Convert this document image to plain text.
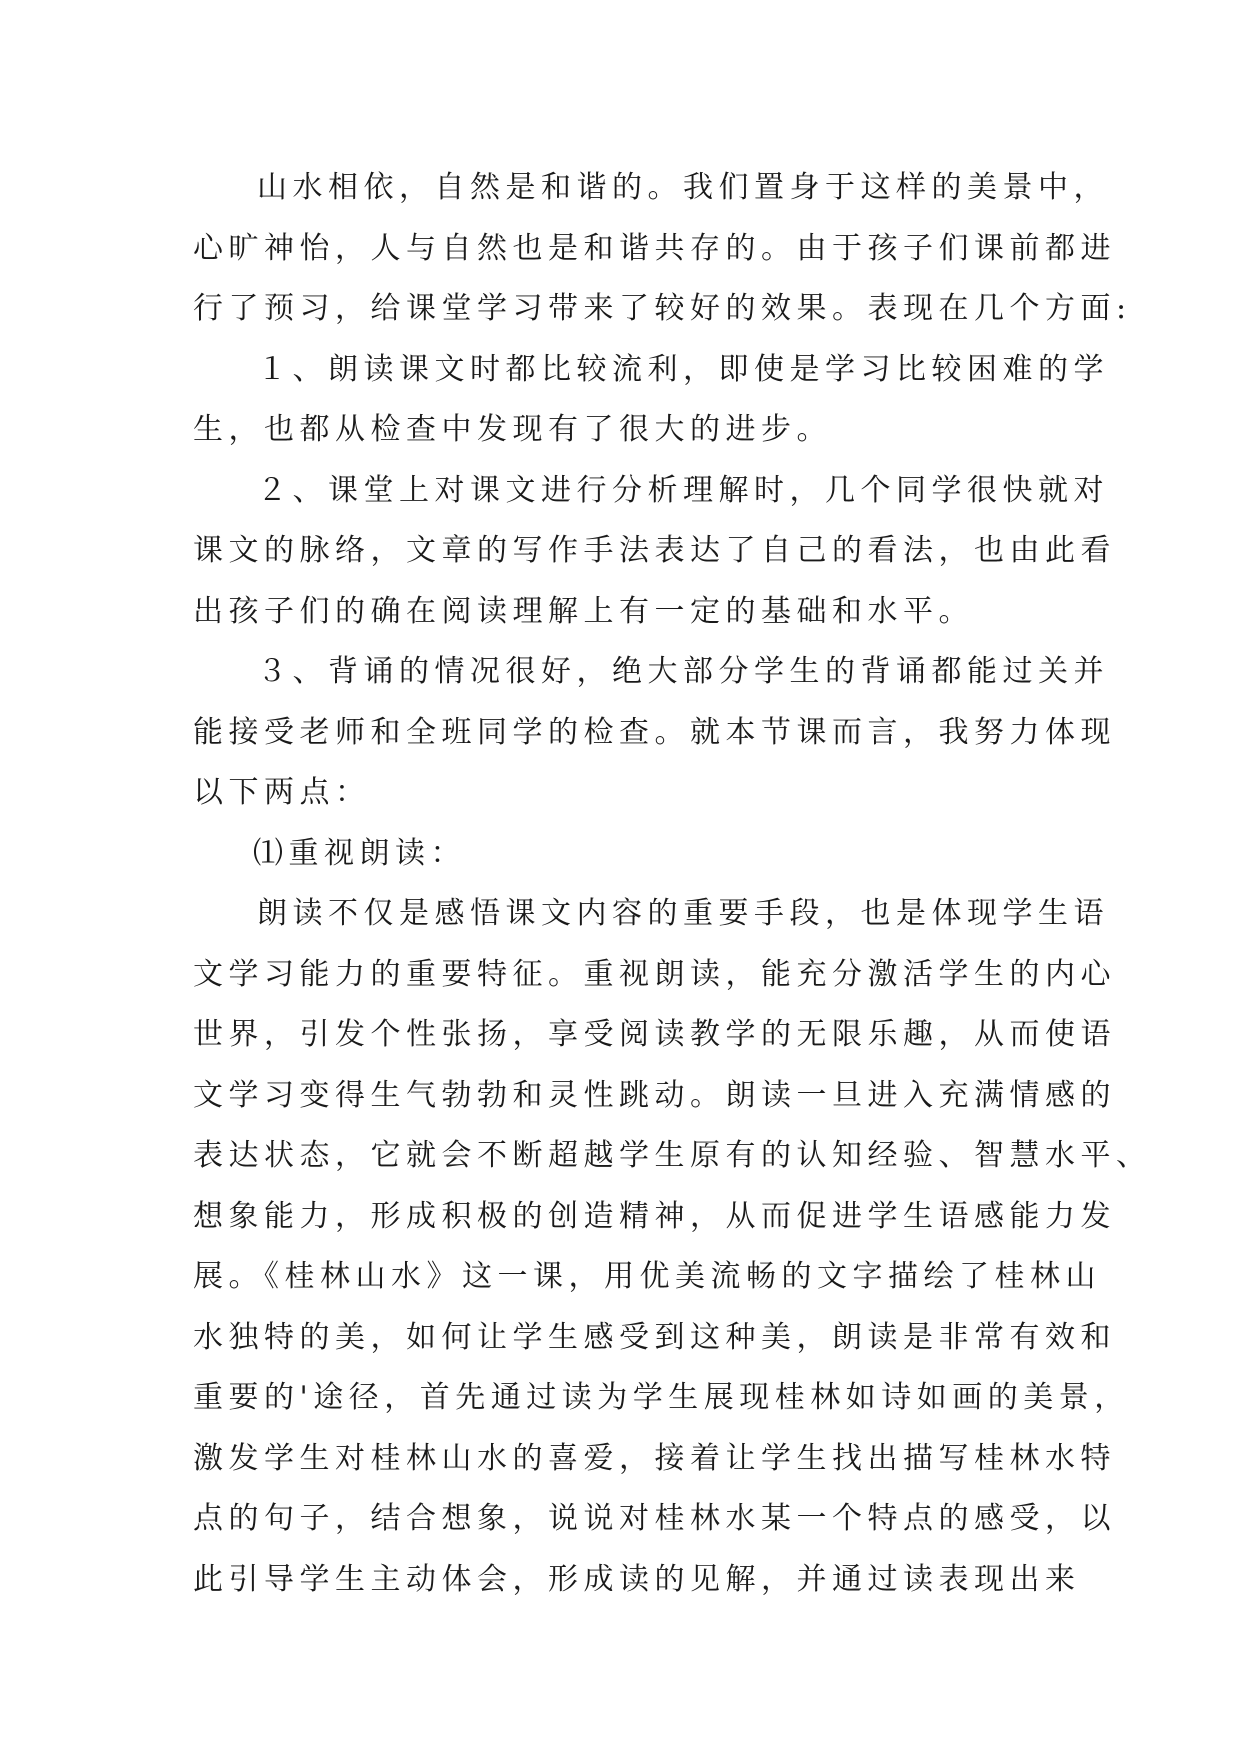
山水相依，自然是和谐的。我们置身于这样的美景中，
心旷神怡，人与自然也是和谐共存的。由于孩子们课前都进
行了预习，给课堂学习带来了较好的效果。表现在几个方面:
１、朗读课文时都比较流利，即使是学习比较困难的学
生，也都从检查中发现有了很大的进步。
２、课堂上对课文进行分析理解时，几个同学很快就对
课文的脉络，文章的写作手法表达了自己的看法，也由此看
出孩子们的确在阅读理解上有一定的基础和水平。
３、背诵的情况很好，绝大部分学生的背诵都能过关并
能接受老师和全班同学的检查。就本节课而言，我努力体现
以下两点：
⑴重视朗读：
朗读不仅是感悟课文内容的重要手段，也是体现学生语
文学习能力的重要特征。重视朗读，能充分激活学生的内心
世界，引发个性张扬，享受阅读教学的无限乐趣，从而使语
文学习变得生气勃勃和灵性跳动。朗读一旦进入充满情感的
表达状态，它就会不断超越学生原有的认知经验、智慧水平、
想象能力，形成积极的创造精神，从而促进学生语感能力发
展。《桂林山水》这一课，用优美流畅的文字描绘了桂林山
水独特的美，如何让学生感受到这种美，朗读是非常有效和
重要的'途径，首先通过读为学生展现桂林如诗如画的美景，
激发学生对桂林山水的喜爱，接着让学生找出描写桂林水特
点的句子，结合想象，说说对桂林水某一个特点的感受，以
此引导学生主动体会，形成读的见解，并通过读表现出来
